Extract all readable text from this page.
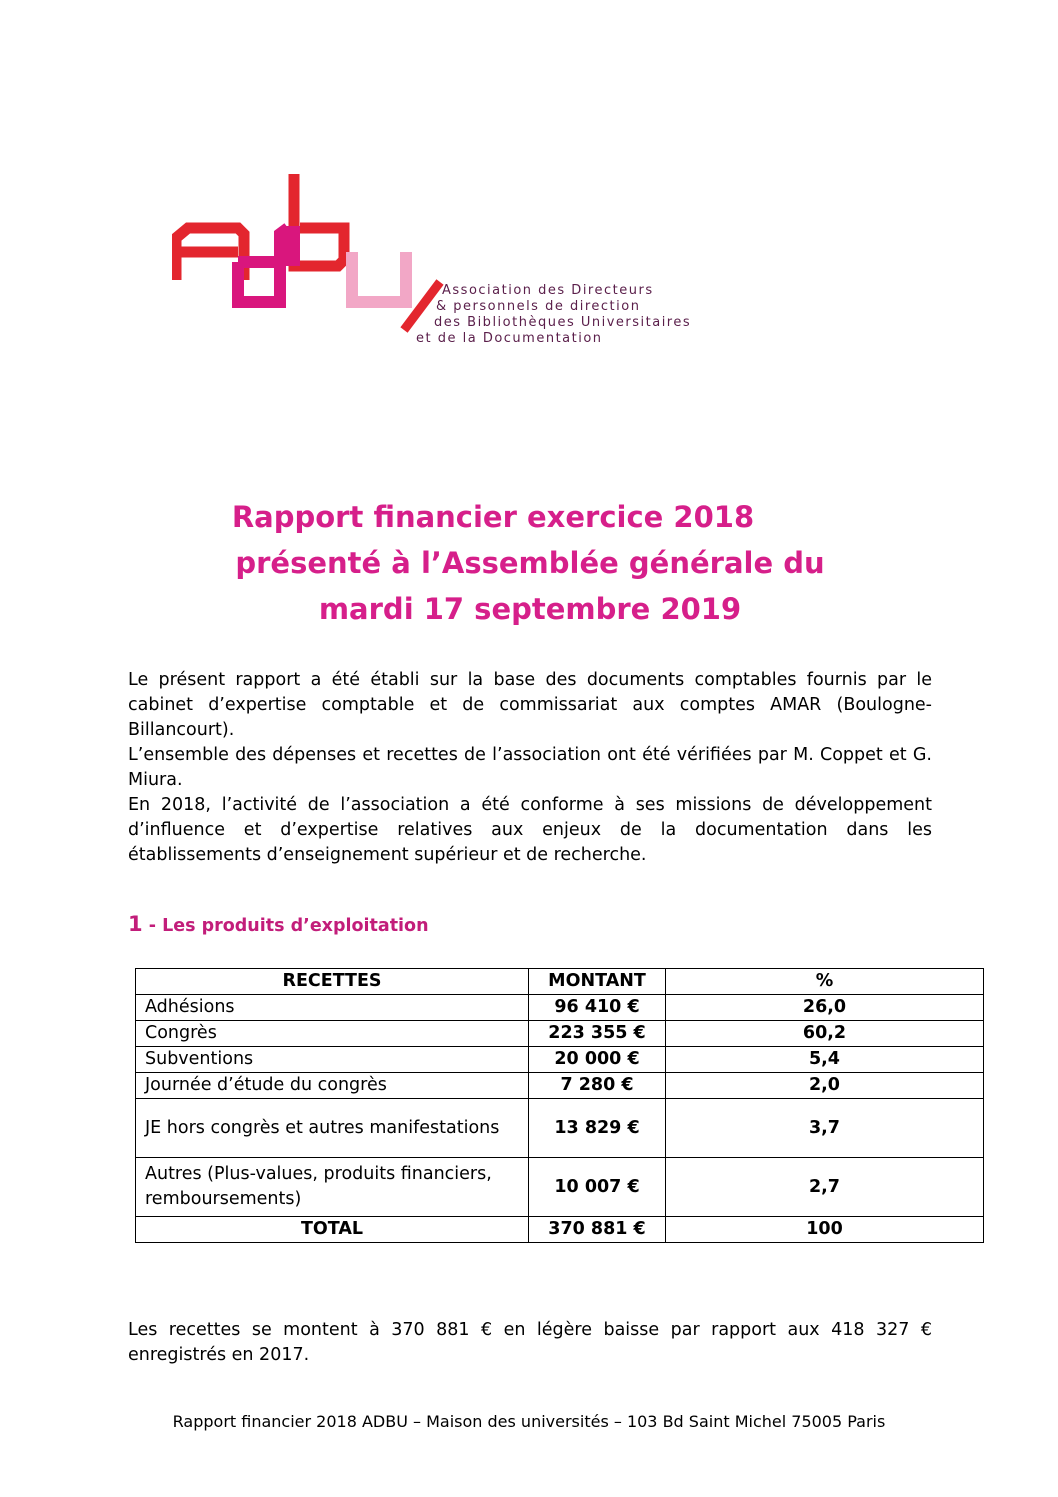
Association des Directeurs
& personnels de direction
des Bibliothèques Universitaires
et de la Documentation
Rapport financier exercice 2018
présenté à l’Assemblée générale du
mardi 17 septembre 2019

Le présent rapport a été établi sur la base des documents comptables fournis par le cabinet d’expertise comptable et de commissariat aux comptes AMAR (Boulogne-Billancourt).

L’ensemble des dépenses et recettes de l’association ont été vérifiées par M. Coppet et G. Miura.

En 2018, l’activité de l’association a été conforme à ses missions de développement d’influence et d’expertise relatives aux enjeux de la documentation dans les établissements d’enseignement supérieur et de recherche.

1 - Les produits d’exploitation
RECETTES	MONTANT	%
Adhésions	96 410 €	26,0
Congrès	223 355 €	60,2
Subventions	20 000 €	5,4
Journée d’étude du congrès	7 280 €	2,0
JE hors congrès et autres manifestations	13 829 €	3,7
Autres (Plus-values, produits financiers, remboursements)	10 007 €	2,7
TOTAL	370 881 €	100
Les recettes se montent à 370 881 € en légère baisse par rapport aux 418 327 € enregistrés en 2017.
Rapport financier 2018 ADBU – Maison des universités – 103 Bd Saint Michel 75005 Paris
